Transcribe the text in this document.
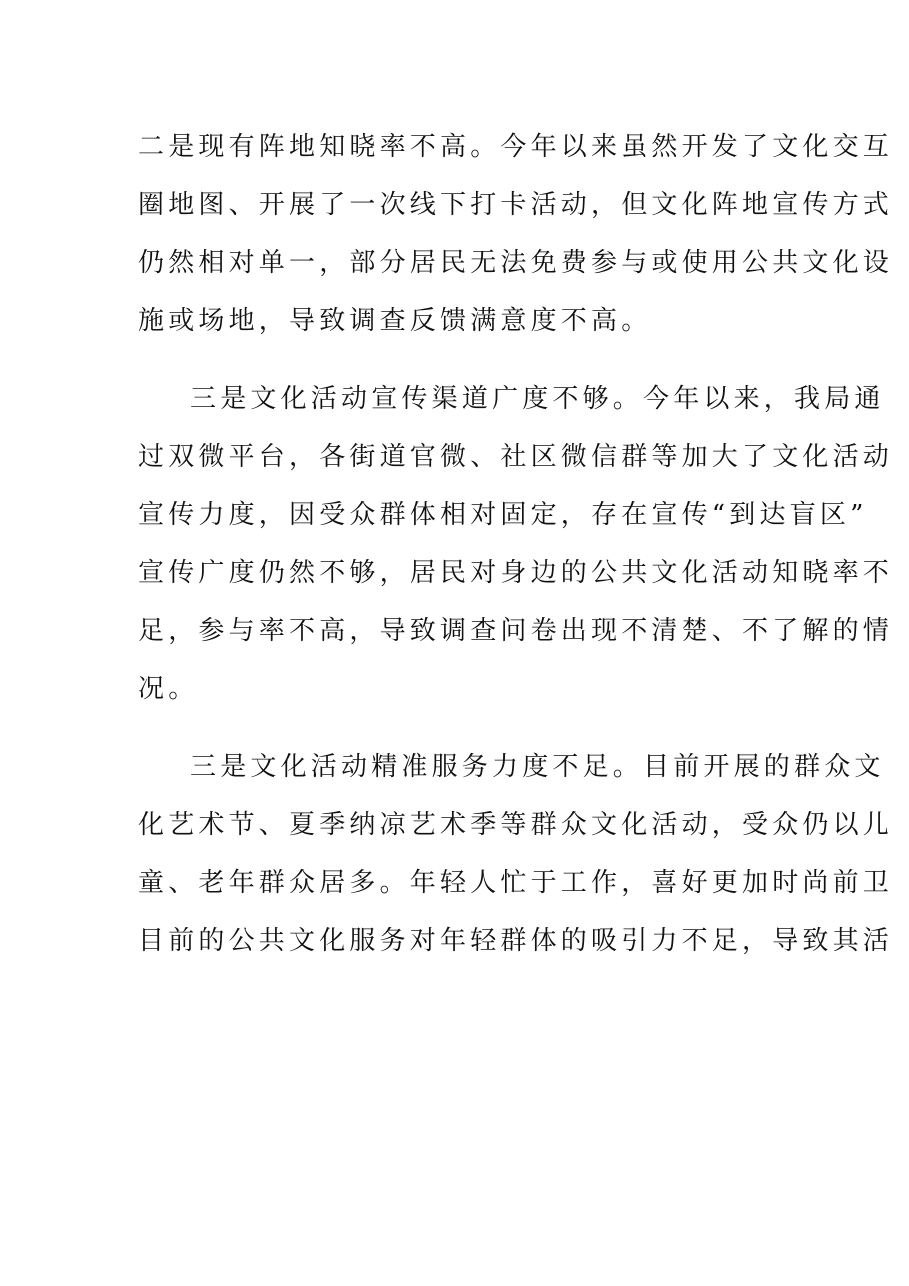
二是现有阵地知晓率不高。今年以来虽然开发了文化交互
圈地图、开展了一次线下打卡活动，但文化阵地宣传方式
仍然相对单一，部分居民无法免费参与或使用公共文化设
施或场地，导致调查反馈满意度不高。
三是文化活动宣传渠道广度不够。今年以来，我局通
过双微平台，各街道官微、社区微信群等加大了文化活动
宣传力度，因受众群体相对固定，存在宣传“到达盲区”
宣传广度仍然不够，居民对身边的公共文化活动知晓率不
足，参与率不高，导致调查问卷出现不清楚、不了解的情
况。
三是文化活动精准服务力度不足。目前开展的群众文
化艺术节、夏季纳凉艺术季等群众文化活动，受众仍以儿
童、老年群众居多。年轻人忙于工作，喜好更加时尚前卫
目前的公共文化服务对年轻群体的吸引力不足，导致其活
